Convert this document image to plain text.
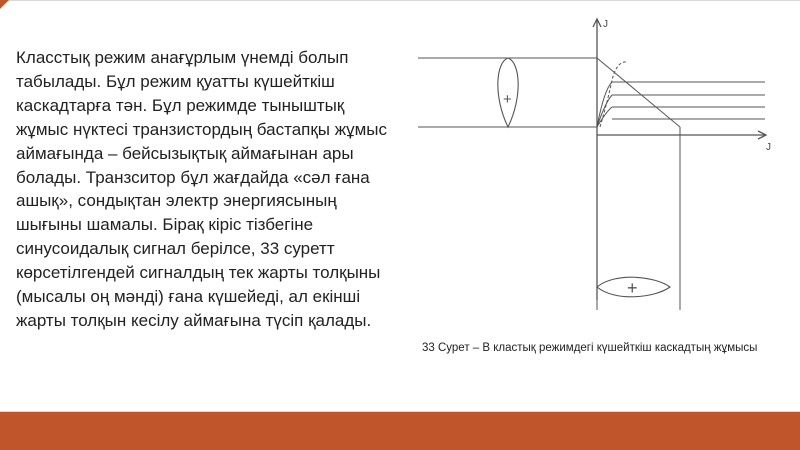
Класстық режим анағұрлым үнемді болып табылады. Бұл режим қуатты күшейткіш каскадтарға тән. Бұл режимде тыныштық жұмыс нүктесі транзистордың бастапқы жұмыс аймағында – бейсызықтық аймағынан ары болады. Транзситор бұл жағдайда «сәл ғана ашық», сондықтан электр энергиясының шығыны шамалы. Бірақ кіріс тізбегіне синусоидалық сигнал берілсе, 33 суретт көрсетілгендей сигналдың тек жарты толқыны (мысалы оң мәнді) ғана күшейеді, ал екінші жарты толқын кесілу аймағына түсіп қалады.

J
J
+
+

33 Сурет – В кластық режимдегі күшейткіш каскадтың жұмысы
